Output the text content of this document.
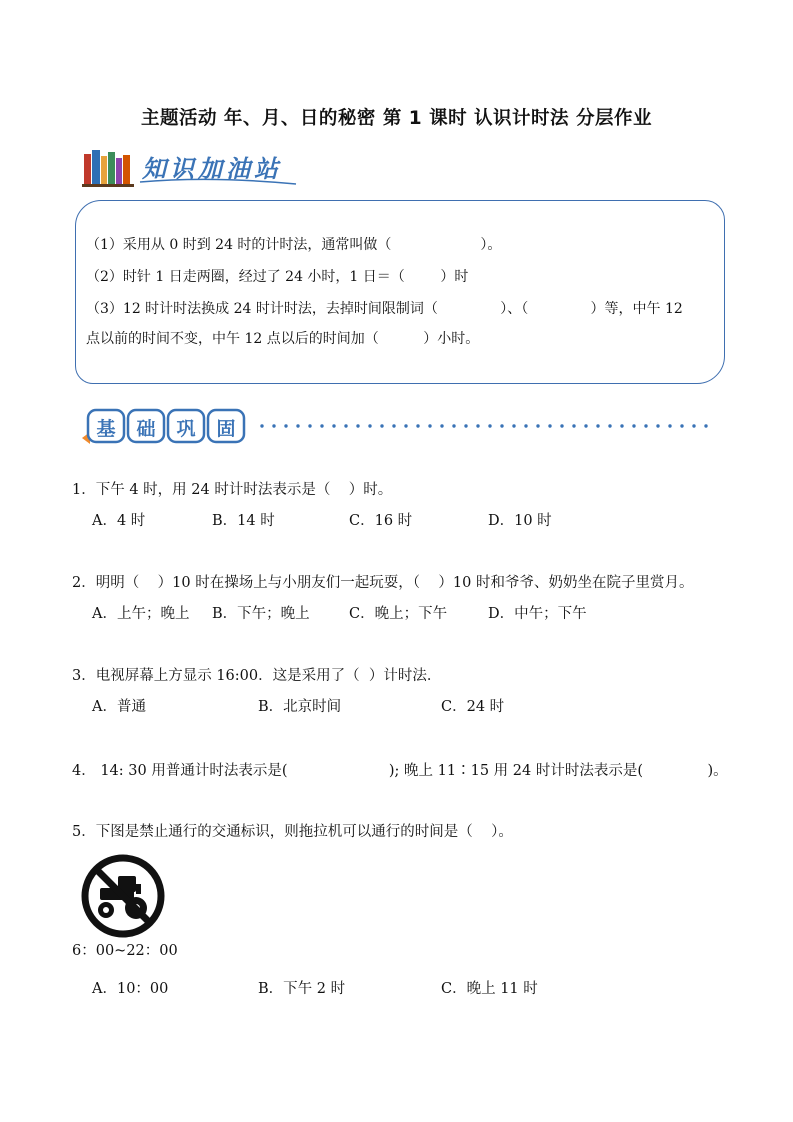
主题活动 年、月、日的秘密 第 1 课时 认识计时法 分层作业
知识加油站
（1）采用从 0 时到 24 时的计时法，通常叫做（                    ）。
（2）时针 1 日走两圈，经过了 24 小时，1 日＝（        ）时
（3）12 时计时法换成 24 时计时法，去掉时间限制词（              ）、（              ）等，中午 12
点以前的时间不变，中午 12 点以后的时间加（          ）小时。
基	础	巩	固
1．下午 4 时，用 24 时计时法表示是（    ）时。
A．4 时	B．14 时	C．16 时	D．10 时
2．明明（    ）10 时在操场上与小朋友们一起玩耍，（    ）10 时和爷爷、奶奶坐在院子里赏月。
A．上午；晚上 B．下午；晚上	C．晚上；下午	D．中午；下午
3．电视屏幕上方显示 16:00．这是采用了（  ）计时法．
A．普通	B．北京时间	C．24 时
4． 14: 30 用普通计时法表示是(                      ); 晚上 11∶15 用 24 时计时法表示是(              )。
5．下图是禁止通行的交通标识，则拖拉机可以通行的时间是（    ）。
6：00~22：00
A．10：00	B．下午 2 时	C．晚上 11 时
